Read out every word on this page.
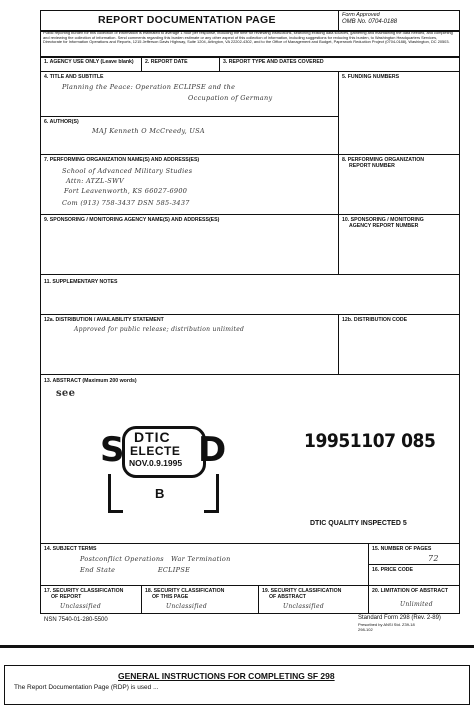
REPORT DOCUMENTATION PAGE	Form Approved
OMB No. 0704-0188
Public reporting burden for this collection of information is estimated to average 1 hour per response, including the time for reviewing instructions, searching existing data sources, gathering and maintaining the data needed, and completing and reviewing the collection of information. Send comments regarding this burden estimate or any other aspect of this collection of information, including suggestions for reducing this burden, to Washington Headquarters Services, Directorate for Information Operations and Reports, 1215 Jefferson Davis Highway, Suite 1204, Arlington, VA 22202-4302, and to the Office of Management and Budget, Paperwork Reduction Project (0704-0188), Washington, DC 20503.
1. AGENCY USE ONLY (Leave blank) 2. REPORT DATE	3. REPORT TYPE AND DATES COVERED
4. TITLE AND SUBTITLE
Planning the Peace: Operation ECLIPSE and the
Occupation of Germany
5. FUNDING NUMBERS
6. AUTHOR(S)
MAJ Kenneth O McCreedy, USA
7. PERFORMING ORGANIZATION NAME(S) AND ADDRESS(ES)
School of Advanced Military Studies
Attn: ATZL-SWV
Fort Leavenworth, KS 66027-6900
Com (913) 758-3437 DSN 585-3437
8. PERFORMING ORGANIZATION
REPORT NUMBER
9. SPONSORING / MONITORING AGENCY NAME(S) AND ADDRESS(ES)	10. SPONSORING / MONITORING
AGENCY REPORT NUMBER
11. SUPPLEMENTARY NOTES
12a. DISTRIBUTION / AVAILABILITY STATEMENT
Approved for public release; distribution unlimited
12b. DISTRIBUTION CODE
13. ABSTRACT (Maximum 200 words)
see
S DTIC
ELECTE
NOV.0.9.1995 D
B
19951107 085
DTIC QUALITY INSPECTED 5
14. SUBJECT TERMS
Postconflict Operations   War Termination
End State                  ECLIPSE
15. NUMBER OF PAGES
72
16. PRICE CODE
17. SECURITY CLASSIFICATION
OF REPORT
Unclassified
18. SECURITY CLASSIFICATION
OF THIS PAGE
Unclassified
19. SECURITY CLASSIFICATION
OF ABSTRACT
Unclassified
20. LIMITATION OF ABSTRACT
Unlimited
NSN 7540-01-280-5500	Standard Form 298 (Rev. 2-89)
Prescribed by ANSI Std. Z39-18
298-102
GENERAL INSTRUCTIONS FOR COMPLETING SF 298
The Report Documentation Page (RDP) is used ...
